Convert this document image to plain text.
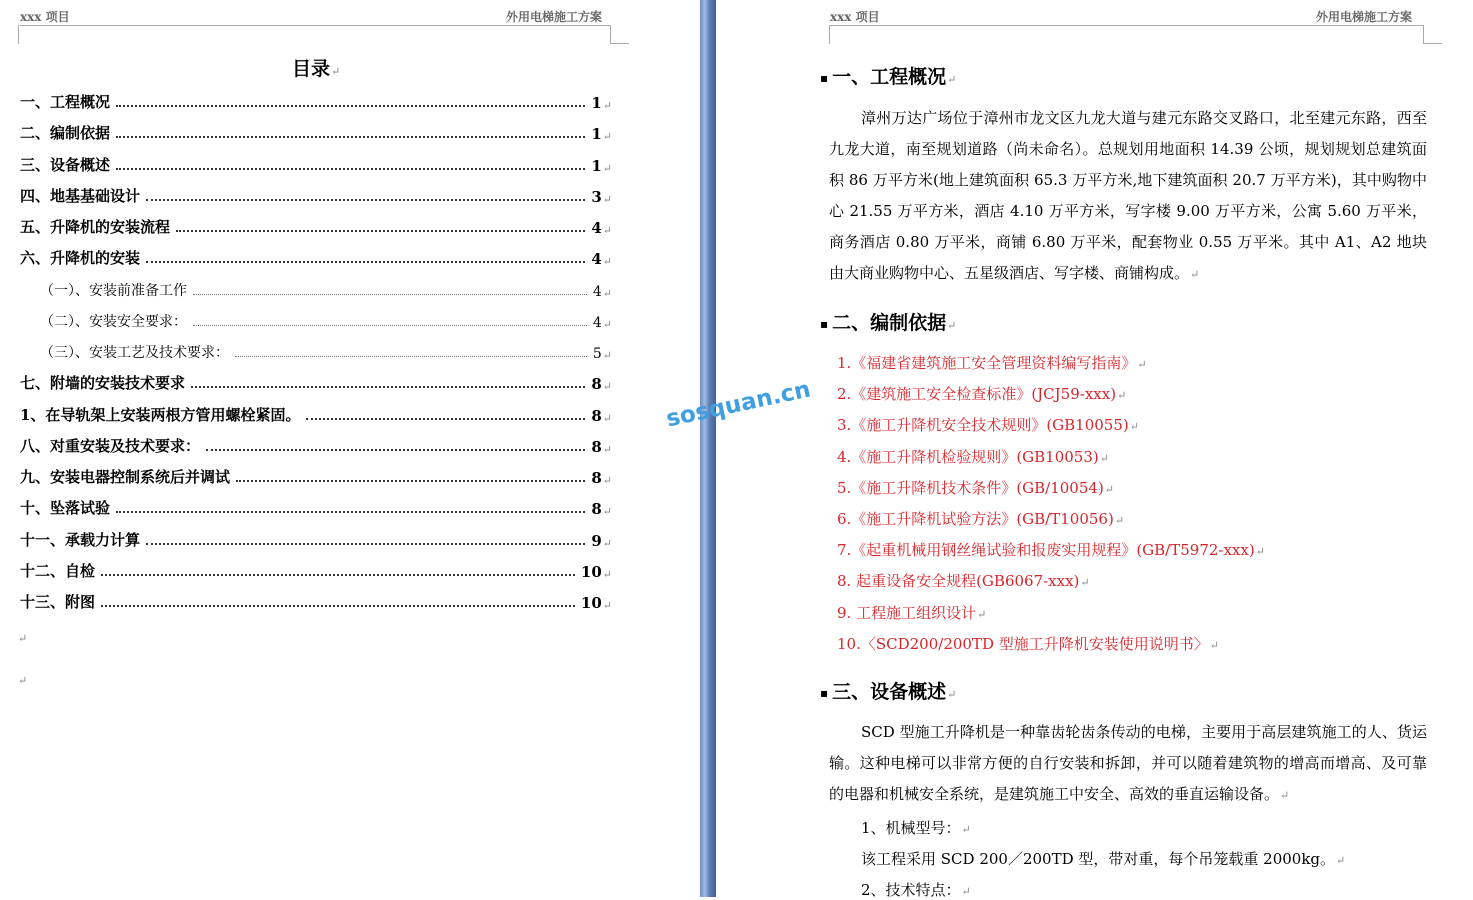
xxx 项目	外用电梯施工方案
目录↵
一、工程概况	1 ↵
二、编制依据	1 ↵
三、设备概述	1 ↵
四、地基基础设计	3 ↵
五、升降机的安装流程	4 ↵
六、升降机的安装	4 ↵
（一）、安装前准备工作	4 ↵
（二）、安装安全要求：	4 ↵
（三）、安装工艺及技术要求：	5 ↵
七、附墙的安装技术要求	8 ↵
1、在导轨架上安装两根方管用螺栓紧固。	8 ↵
八、对重安装及技术要求：	8 ↵
九、安装电器控制系统后并调试	8 ↵
十、坠落试验	8 ↵
十一、承载力计算	9 ↵
十二、自检	10 ↵
十三、附图	10 ↵
↵
↵
xxx 项目	外用电梯施工方案
▪ 一、工程概况↵
漳州万达广场位于漳州市龙文区九龙大道与建元东路交叉路口，北至建元东路，西至九龙大道，南至规划道路（尚未命名）。总规划用地面积 14.39 公顷，规划规划总建筑面积 86 万平方米(地上建筑面积 65.3 万平方米,地下建筑面积 20.7 万平方米)，其中购物中心 21.55 万平方米，酒店 4.10 万平方米，写字楼 9.00 万平方米，公寓 5.60 万平米，商务酒店 0.80 万平米，商铺 6.80 万平米，配套物业 0.55 万平米。其中 A1、A2 地块由大商业购物中心、五星级酒店、写字楼、商铺构成。↵
▪ 二、编制依据↵
1.《福建省建筑施工安全管理资料编写指南》↵
2.《建筑施工安全检查标准》(JCJ59-xxx)↵
3.《施工升降机安全技术规则》(GB10055)↵
4.《施工升降机检验规则》(GB10053)↵
5.《施工升降机技术条件》(GB/10054)↵
6.《施工升降机试验方法》(GB/T10056)↵
7.《起重机械用钢丝绳试验和报废实用规程》(GB/T5972-xxx)↵
8. 起重设备安全规程(GB6067-xxx)↵
9. 工程施工组织设计↵
10.〈SCD200/200TD 型施工升降机安装使用说明书〉↵
▪ 三、设备概述↵
SCD 型施工升降机是一种靠齿轮齿条传动的电梯，主要用于高层建筑施工的人、货运输。这种电梯可以非常方便的自行安装和拆卸，并可以随着建筑物的增高而增高、及可靠的电器和机械安全系统，是建筑施工中安全、高效的垂直运输设备。↵
1、机械型号：↵
该工程采用 SCD 200／200TD 型，带对重，每个吊笼载重 2000kg。↵
2、技术特点：↵
sosquan.cn
